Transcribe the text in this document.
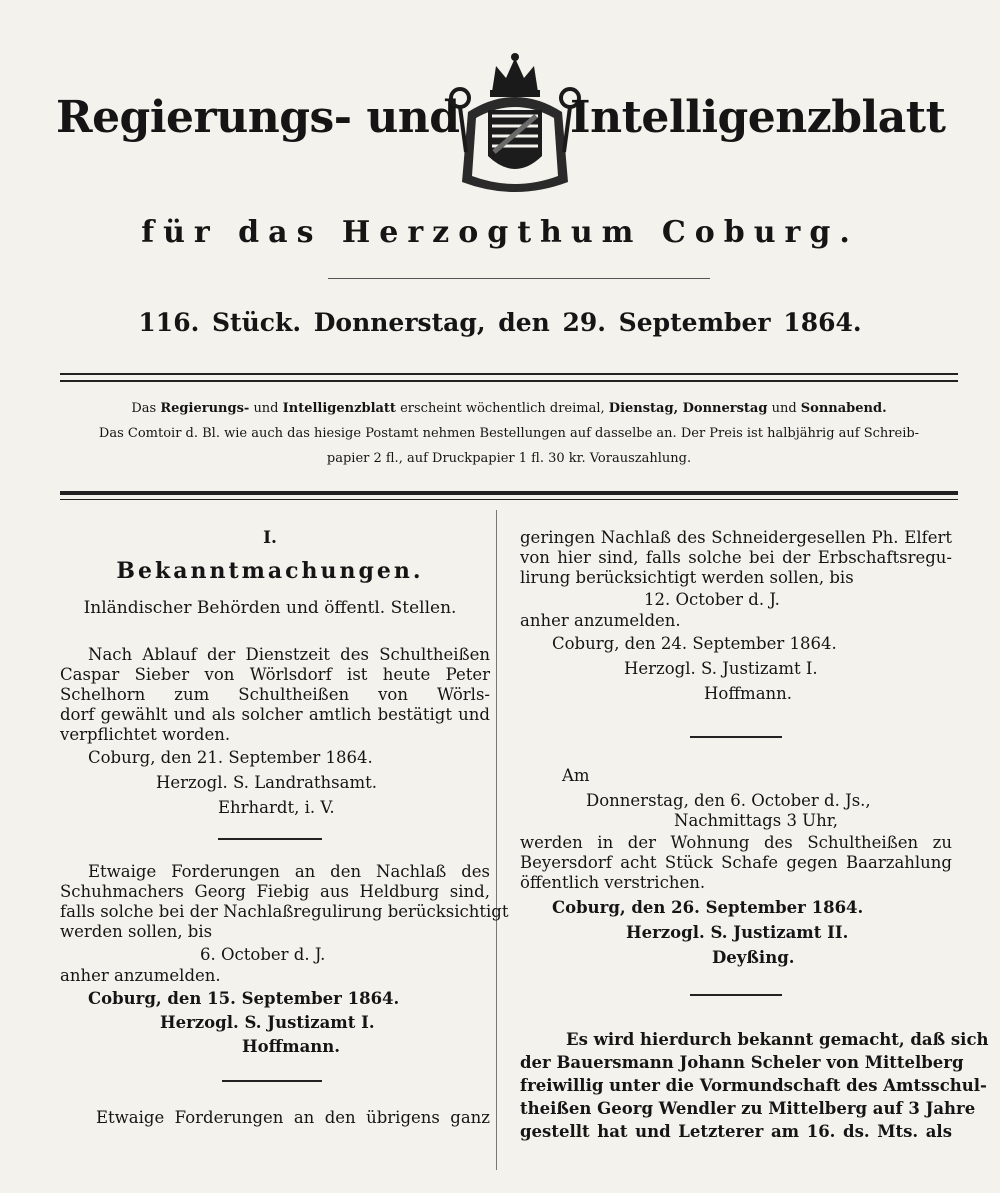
Regierungs- und	Intelligenzblatt
für das Herzogthum Coburg.
116. Stück. Donnerstag, den 29. September 1864.
Das Regierungs- und Intelligenzblatt erscheint wöchentlich dreimal, Dienstag, Donnerstag und Sonnabend.
Das Comtoir d. Bl. wie auch das hiesige Postamt nehmen Bestellungen auf dasselbe an. Der Preis ist halbjährig auf Schreib-
papier 2 fl., auf Druckpapier 1 fl. 30 kr. Vorauszahlung.
I.
Bekanntmachungen.
Inländischer Behörden und öffentl. Stellen.
Nach Ablauf der Dienstzeit des Schultheißen
Caspar Sieber von Wörlsdorf ist heute Peter
Schelhorn zum Schultheißen von Wörls-
dorf gewählt und als solcher amtlich bestätigt und
verpflichtet worden.
Coburg, den 21. September 1864.
Herzogl. S. Landrathsamt.
Ehrhardt, i. V.
Etwaige Forderungen an den Nachlaß des
Schuhmachers Georg Fiebig aus Heldburg sind,
falls solche bei der Nachlaßregulirung berücksichtigt
werden sollen, bis
6. October d. J.
anher anzumelden.
Coburg, den 15. September 1864.
Herzogl. S. Justizamt I.
Hoffmann.
Etwaige Forderungen an den übrigens ganz
geringen Nachlaß des Schneidergesellen Ph. Elfert
von hier sind, falls solche bei der Erbschaftsregu-
lirung berücksichtigt werden sollen, bis
12. October d. J.
anher anzumelden.
Coburg, den 24. September 1864.
Herzogl. S. Justizamt I.
Hoffmann.
Am
Donnerstag, den 6. October d. Js.,
Nachmittags 3 Uhr,
werden in der Wohnung des Schultheißen zu
Beyersdorf acht Stück Schafe gegen Baarzahlung
öffentlich verstrichen.
Coburg, den 26. September 1864.
Herzogl. S. Justizamt II.
Deyßing.
Es wird hierdurch bekannt gemacht, daß sich
der Bauersmann Johann Scheler von Mittelberg
freiwillig unter die Vormundschaft des Amtsschul-
theißen Georg Wendler zu Mittelberg auf 3 Jahre
gestellt hat und Letzterer am 16. ds. Mts. als
